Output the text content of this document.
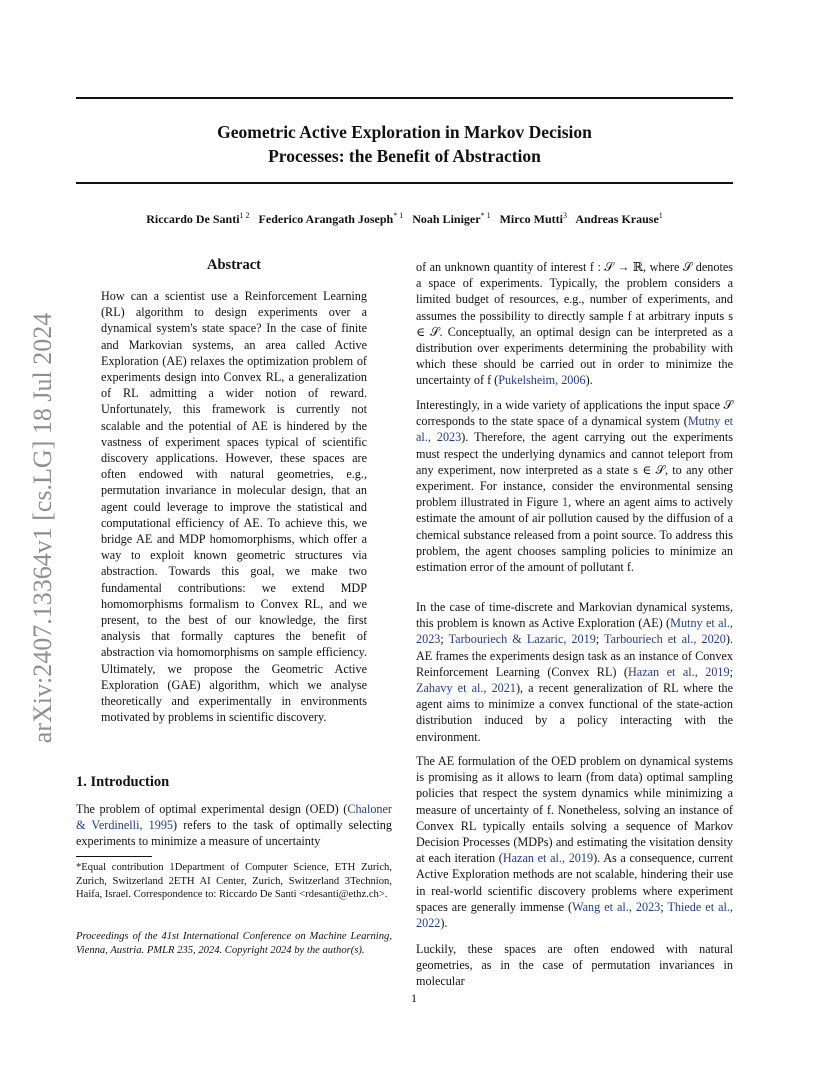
arXiv:2407.13364v1 [cs.LG] 18 Jul 2024
Geometric Active Exploration in Markov Decision
Processes: the Benefit of Abstraction
Riccardo De Santi$^{1 2}$ Federico Arangath Joseph$^{* 1}$ Noah Liniger$^{* 1}$ Mirco Mutti$^3$ Andreas Krause$^1$
Abstract
How can a scientist use a Reinforcement Learning (RL) algorithm to design experiments over a dynamical system's state space? In the case of finite and Markovian systems, an area called Active Exploration (AE) relaxes the optimization problem of experiments design into Convex RL, a generalization of RL admitting a wider notion of reward. Unfortunately, this framework is currently not scalable and the potential of AE is hindered by the vastness of experiment spaces typical of scientific discovery applications. However, these spaces are often endowed with natural geometries, e.g., permutation invariance in molecular design, that an agent could leverage to improve the statistical and computational efficiency of AE. To achieve this, we bridge AE and MDP homomorphisms, which offer a way to exploit known geometric structures via abstraction. Towards this goal, we make two fundamental contributions: we extend MDP homomorphisms formalism to Convex RL, and we present, to the best of our knowledge, the first analysis that formally captures the benefit of abstraction via homomorphisms on sample efficiency. Ultimately, we propose the Geometric Active Exploration (GAE) algorithm, which we analyse theoretically and experimentally in environments motivated by problems in scientific discovery.
1. Introduction
The problem of optimal experimental design (OED) (Chaloner & Verdinelli, 1995) refers to the task of optimally selecting experiments to minimize a measure of uncertainty
*Equal contribution 1Department of Computer Science, ETH Zurich, Zurich, Switzerland 2ETH AI Center, Zurich, Switzerland 3Technion, Haifa, Israel. Correspondence to: Riccardo De Santi <rdesanti@ethz.ch>.
Proceedings of the 41st International Conference on Machine Learning, Vienna, Austria. PMLR 235, 2024. Copyright 2024 by the author(s).
of an unknown quantity of interest f : 𝒮 → ℝ, where 𝒮 denotes a space of experiments. Typically, the problem considers a limited budget of resources, e.g., number of experiments, and assumes the possibility to directly sample f at arbitrary inputs s ∈ 𝒮. Conceptually, an optimal design can be interpreted as a distribution over experiments determining the probability with which these should be carried out in order to minimize the uncertainty of f (Pukelsheim, 2006).
Interestingly, in a wide variety of applications the input space 𝒮 corresponds to the state space of a dynamical system (Mutny et al., 2023). Therefore, the agent carrying out the experiments must respect the underlying dynamics and cannot teleport from any experiment, now interpreted as a state s ∈ 𝒮, to any other experiment. For instance, consider the environmental sensing problem illustrated in Figure 1, where an agent aims to actively estimate the amount of air pollution caused by the diffusion of a chemical substance released from a point source. To address this problem, the agent chooses sampling policies to minimize an estimation error of the amount of pollutant f.
In the case of time-discrete and Markovian dynamical systems, this problem is known as Active Exploration (AE) (Mutny et al., 2023; Tarbouriech & Lazaric, 2019; Tarbouriech et al., 2020). AE frames the experiments design task as an instance of Convex Reinforcement Learning (Convex RL) (Hazan et al., 2019; Zahavy et al., 2021), a recent generalization of RL where the agent aims to minimize a convex functional of the state-action distribution induced by a policy interacting with the environment.
The AE formulation of the OED problem on dynamical systems is promising as it allows to learn (from data) optimal sampling policies that respect the system dynamics while minimizing a measure of uncertainty of f. Nonetheless, solving an instance of Convex RL typically entails solving a sequence of Markov Decision Processes (MDPs) and estimating the visitation density at each iteration (Hazan et al., 2019). As a consequence, current Active Exploration methods are not scalable, hindering their use in real-world scientific discovery problems where experiment spaces are generally immense (Wang et al., 2023; Thiede et al., 2022).
Luckily, these spaces are often endowed with natural geometries, as in the case of permutation invariances in molecular
1
